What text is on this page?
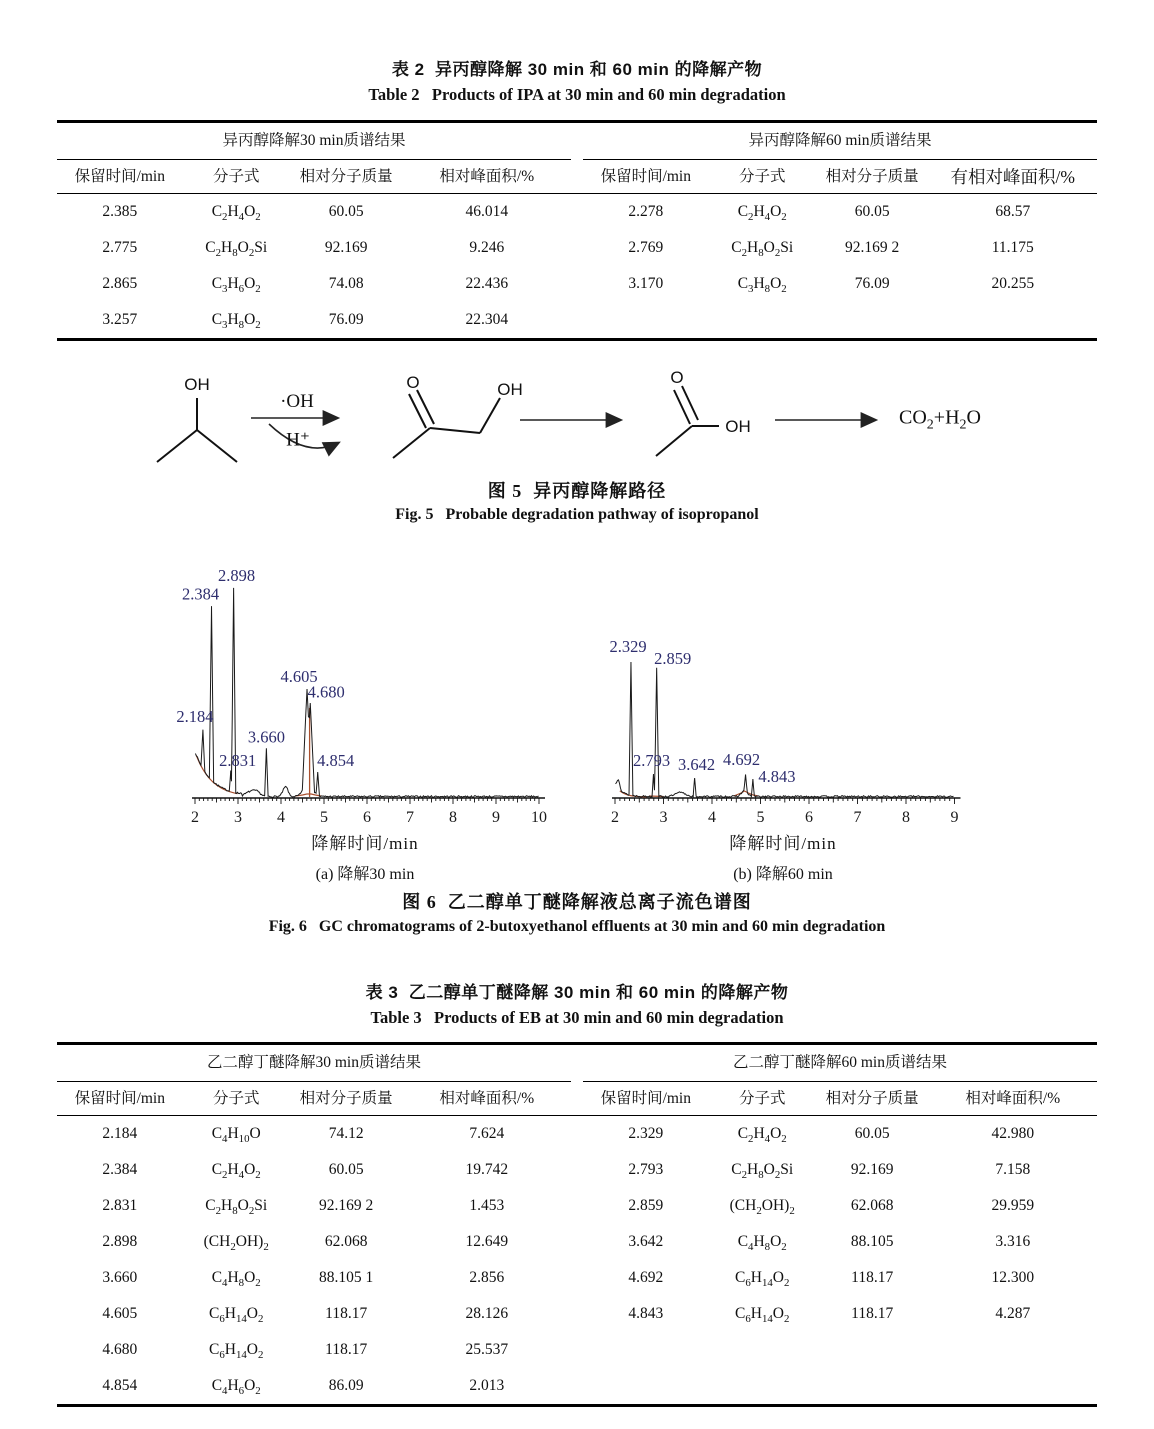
表 2  异丙醇降解 30 min 和 60 min 的降解产物
Table 2   Products of IPA at 30 min and 60 min degradation
异丙醇降解30 min质谱结果
保留时间/min	分子式	相对分子质量	相对峰面积/%
2.385	$C_2H_4O_2$	60.05	46.014
2.775	$C_2H_8O_2Si$	92.169	9.246
2.865	$C_3H_6O_2$	74.08	22.436
3.257	$C_3H_8O_2$	76.09	22.304
异丙醇降解60 min质谱结果
保留时间/min	分子式	相对分子质量	有相对峰面积/%
2.278	$C_2H_4O_2$	60.05	68.57
2.769	$C_2H_8O_2Si$	92.169 2	11.175
3.170	$C_3H_8O_2$	76.09	20.255
OH
·OH
H⁺
O	OH
O
OH	$CO_2+H_2O$
图 5  异丙醇降解路径
Fig. 5   Probable degradation pathway of isopropanol
2 3 4 5 6 7 8 9 10
2.184
2.384
2.831
2.898
3.660
4.605
4.680
4.854
降解时间/min
(a) 降解30 min
2	3	4	5	6	7	8	9
2.329
2.793
2.859
3.642 4.692
4.843
降解时间/min
(b) 降解60 min
图 6  乙二醇单丁醚降解液总离子流色谱图
Fig. 6   GC chromatograms of 2-butoxyethanol effluents at 30 min and 60 min degradation
表 3  乙二醇单丁醚降解 30 min 和 60 min 的降解产物
Table 3   Products of EB at 30 min and 60 min degradation
乙二醇丁醚降解30 min质谱结果
保留时间/min	分子式	相对分子质量	相对峰面积/%
2.184	$C_4H_{10}O$	74.12	7.624
2.384	$C_2H_4O_2$	60.05	19.742
2.831	$C_2H_8O_2Si$	92.169 2	1.453
2.898	$(CH_2OH)_2$	62.068	12.649
3.660	$C_4H_8O_2$	88.105 1	2.856
4.605	$C_6H_{14}O_2$	118.17	28.126
4.680	$C_6H_{14}O_2$	118.17	25.537
4.854	$C_4H_6O_2$	86.09	2.013
乙二醇丁醚降解60 min质谱结果
保留时间/min	分子式	相对分子质量	相对峰面积/%
2.329	$C_2H_4O_2$	60.05	42.980
2.793	$C_2H_8O_2Si$	92.169	7.158
2.859	$(CH_2OH)_2$	62.068	29.959
3.642	$C_4H_8O_2$	88.105	3.316
4.692	$C_6H_{14}O_2$	118.17	12.300
4.843	$C_6H_{14}O_2$	118.17	4.287
